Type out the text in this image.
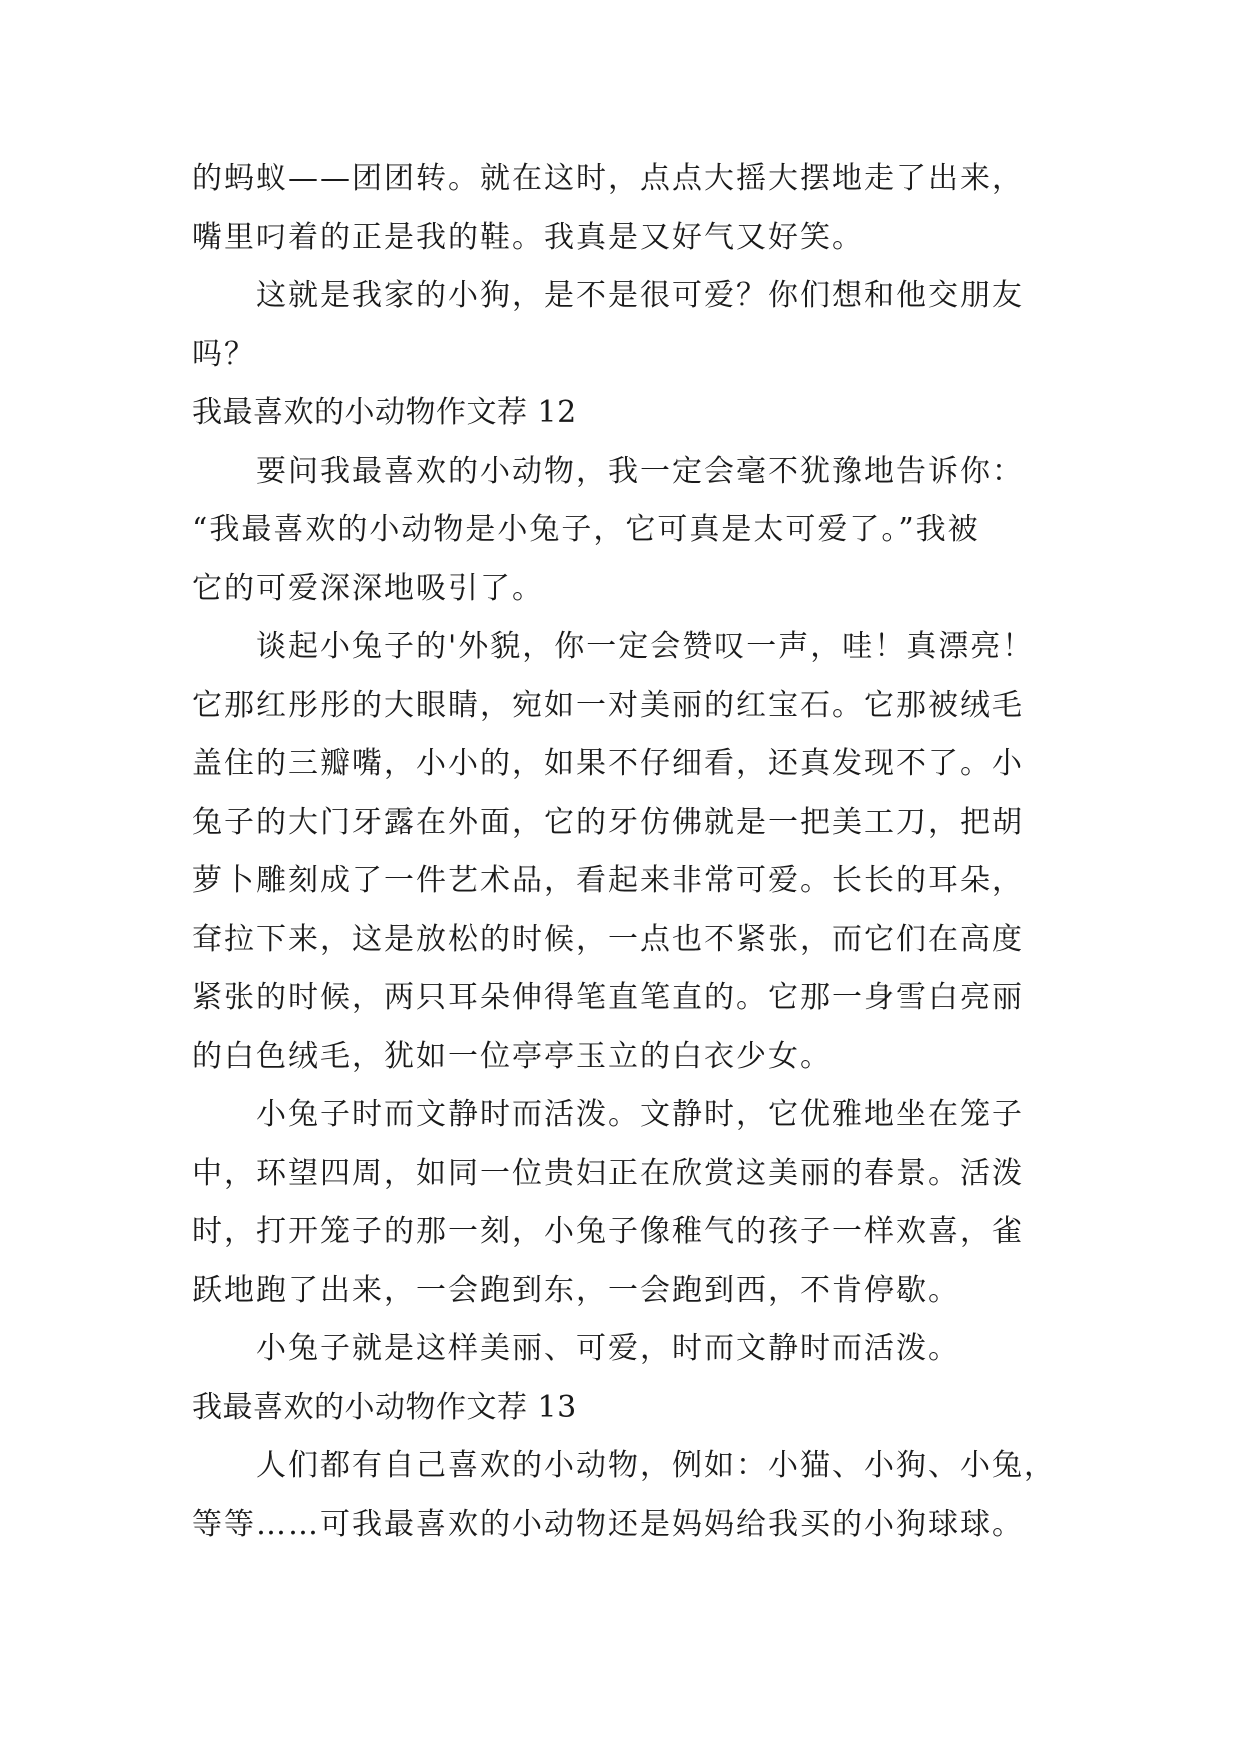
的蚂蚁——团团转。就在这时，点点大摇大摆地走了出来，
嘴里叼着的正是我的鞋。我真是又好气又好笑。
这就是我家的小狗，是不是很可爱？你们想和他交朋友
吗？
我最喜欢的小动物作文荐 12
要问我最喜欢的小动物，我一定会毫不犹豫地告诉你：
“我最喜欢的小动物是小兔子，它可真是太可爱了。”我被
它的可爱深深地吸引了。
谈起小兔子的'外貌，你一定会赞叹一声，哇！真漂亮！
它那红彤彤的大眼睛，宛如一对美丽的红宝石。它那被绒毛
盖住的三瓣嘴，小小的，如果不仔细看，还真发现不了。小
兔子的大门牙露在外面，它的牙仿佛就是一把美工刀，把胡
萝卜雕刻成了一件艺术品，看起来非常可爱。长长的耳朵，
耷拉下来，这是放松的时候，一点也不紧张，而它们在高度
紧张的时候，两只耳朵伸得笔直笔直的。它那一身雪白亮丽
的白色绒毛，犹如一位亭亭玉立的白衣少女。
小兔子时而文静时而活泼。文静时，它优雅地坐在笼子
中，环望四周，如同一位贵妇正在欣赏这美丽的春景。活泼
时，打开笼子的那一刻，小兔子像稚气的孩子一样欢喜，雀
跃地跑了出来，一会跑到东，一会跑到西，不肯停歇。
小兔子就是这样美丽、可爱，时而文静时而活泼。
我最喜欢的小动物作文荐 13
人们都有自己喜欢的小动物，例如：小猫、小狗、小兔，
等等……可我最喜欢的小动物还是妈妈给我买的小狗球球。
